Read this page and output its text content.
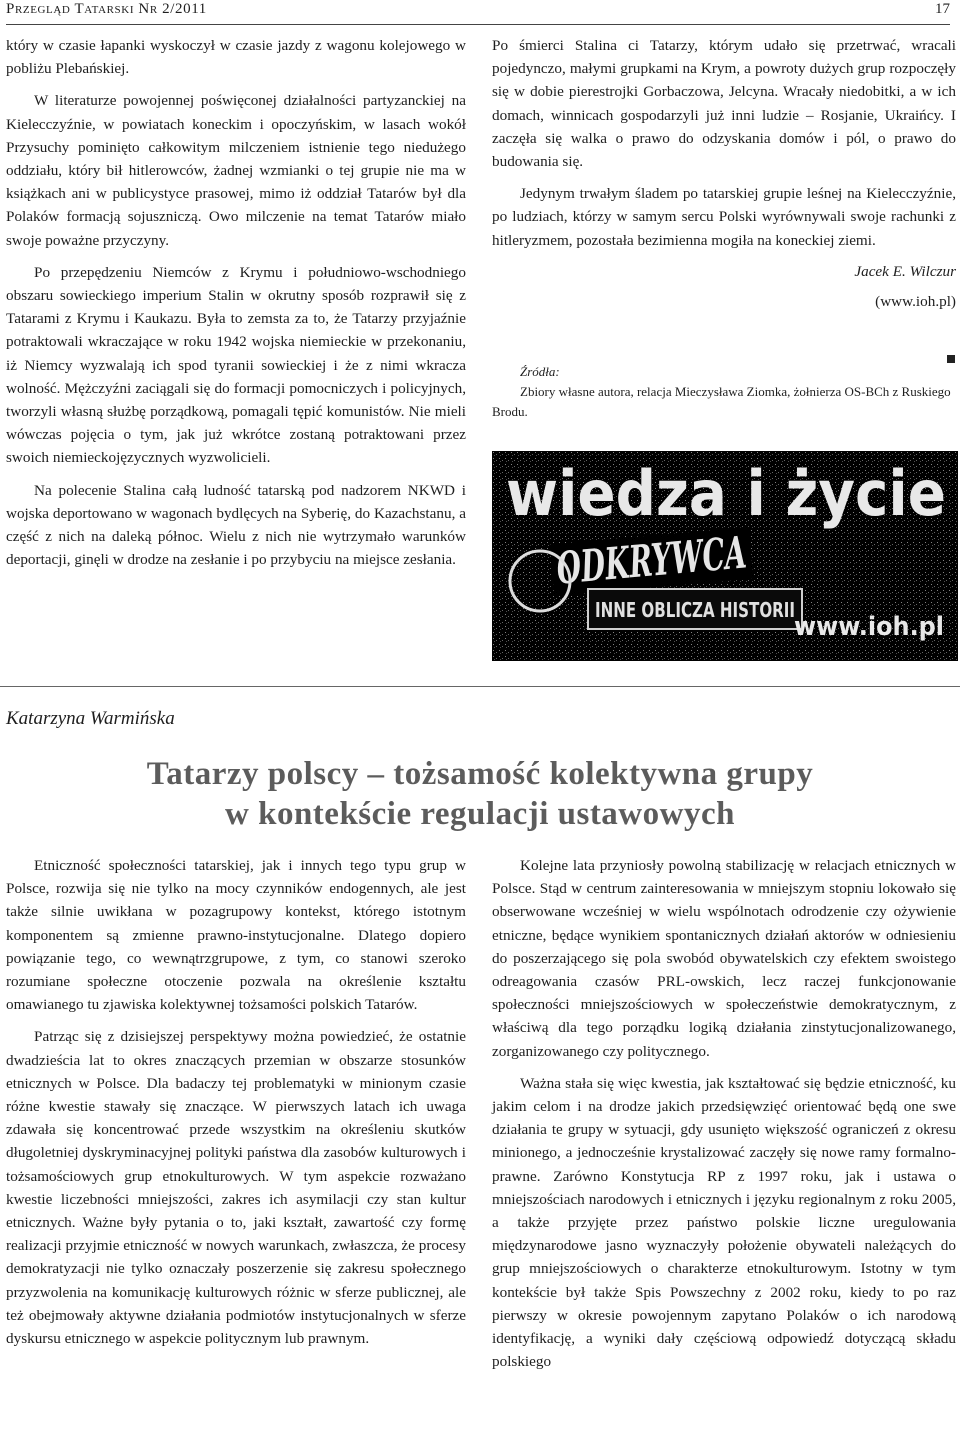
Przegląd Tatarski Nr 2/2011	17

który w czasie łapanki wyskoczył w czasie jazdy z wagonu kolejowego w pobliżu Plebańskiej.

W literaturze powojennej poświęconej działalności partyzanckiej na Kielecczyźnie, w powiatach koneckim i opoczyńskim, w lasach wokół Przysuchy pominięto całkowitym milczeniem istnienie tego niedużego oddziału, który bił hitlerowców, żadnej wzmianki o tej grupie nie ma w książkach ani w publicystyce prasowej, mimo iż oddział Tatarów był dla Polaków formacją sojuszniczą. Owo milczenie na temat Tatarów miało swoje poważne przyczyny.

Po przepędzeniu Niemców z Krymu i południowo-wschodniego obszaru sowieckiego imperium Stalin w okrutny sposób rozprawił się z Tatarami z Krymu i Kaukazu. Była to zemsta za to, że Tatarzy przyjaźnie potraktowali wkraczające w roku 1942 wojska niemieckie w przekonaniu, iż Niemcy wyzwalają ich spod tyranii sowieckiej i że z nimi wkracza wolność. Mężczyźni zaciągali się do formacji pomocniczych i policyjnych, tworzyli własną służbę porządkową, pomagali tępić komunistów. Nie mieli wówczas pojęcia o tym, jak już wkrótce zostaną potraktowani przez swoich niemieckojęzycznych wyzwolicieli.

Na polecenie Stalina całą ludność tatarską pod nadzorem NKWD i wojska deportowano w wagonach bydlęcych na Syberię, do Kazachstanu, a część z nich na daleką północ. Wielu z nich nie wytrzymało warunków deportacji, ginęli w drodze na zesłanie i po przybyciu na miejsce zesłania.

Po śmierci Stalina ci Tatarzy, którym udało się przetrwać, wracali pojedynczo, małymi grupkami na Krym, a powroty dużych grup rozpoczęły się w dobie pierestrojki Gorbaczowa, Jelcyna. Wracały niedobitki, a w ich domach, winnicach gospodarzyli już inni ludzie – Rosjanie, Ukraińcy. I zaczęła się walka o prawo do odzyskania domów i pól, o prawo do budowania się.

Jedynym trwałym śladem po tatarskiej grupie leśnej na Kielecczyźnie, po ludziach, którzy w samym sercu Polski wyrównywali swoje rachunki z hitleryzmem, pozostała bezimienna mogiła na koneckiej ziemi.

Jacek E. Wilczur

(www.ioh.pl)

Źródła:

Zbiory własne autora, relacja Mieczysława Ziomka, żołnierza OS-BCh z Ruskiego Brodu.

wiedza i życie
ODKRYWCA
INNE OBLICZA HISTORII
www.ioh.pl
Katarzyna Warmińska
Tatarzy polscy – tożsamość kolektywna grupy
w kontekście regulacji ustawowych

Etniczność społeczności tatarskiej, jak i innych tego typu grup w Polsce, rozwija się nie tylko na mocy czynników endogennych, ale jest także silnie uwikłana w pozagrupowy kontekst, którego istotnym komponentem są zmienne prawno-instytucjonalne. Dlatego dopiero powiązanie tego, co wewnątrzgrupowe, z tym, co stanowi szeroko rozumiane społeczne otoczenie pozwala na określenie kształtu omawianego tu zjawiska kolektywnej tożsamości polskich Tatarów.

Patrząc się z dzisiejszej perspektywy można powiedzieć, że ostatnie dwadzieścia lat to okres znaczących przemian w obszarze stosunków etnicznych w Polsce. Dla badaczy tej problematyki w minionym czasie różne kwestie stawały się znaczące. W pierwszych latach ich uwaga zdawała się koncentrować przede wszystkim na określeniu skutków długoletniej dyskryminacyjnej polityki państwa dla zasobów kulturowych i tożsamościowych grup etnokulturowych. W tym aspekcie rozważano kwestie liczebności mniejszości, zakres ich asymilacji czy stan kultur etnicznych. Ważne były pytania o to, jaki kształt, zawartość czy formę realizacji przyjmie etniczność w nowych warunkach, zwłaszcza, że procesy demokratyzacji nie tylko oznaczały poszerzenie się zakresu społecznego przyzwolenia na komunikację kulturowych różnic w sferze publicznej, ale też obejmowały aktywne działania podmiotów instytucjonalnych w sferze dyskursu etnicznego w aspekcie politycznym lub prawnym.

Kolejne lata przyniosły powolną stabilizację w relacjach etnicznych w Polsce. Stąd w centrum zainteresowania w mniejszym stopniu lokowało się obserwowane wcześniej w wielu wspólnotach odrodzenie czy ożywienie etniczne, będące wynikiem spontanicznych działań aktorów w odniesieniu do poszerzającego się pola swobód obywatelskich czy efektem swoistego odreagowania czasów PRL-owskich, lecz raczej funkcjonowanie społeczności mniejszościowych w społeczeństwie demokratycznym, z właściwą dla tego porządku logiką działania zinstytucjonalizowanego, zorganizowanego czy politycznego.

Ważna stała się więc kwestia, jak kształtować się będzie etniczność, ku jakim celom i na drodze jakich przedsięwzięć orientować będą one swe działania te grupy w sytuacji, gdy usunięto większość ograniczeń z okresu minionego, a jednocześnie krystalizować zaczęły się nowe ramy formalno-prawne. Zarówno Konstytucja RP z 1997 roku, jak i ustawa o mniejszościach narodowych i etnicznych i języku regionalnym z roku 2005, a także przyjęte przez państwo polskie liczne uregulowania międzynarodowe jasno wyznaczyły położenie obywateli należących do grup mniejszościowych o charakterze etnokulturowym. Istotny w tym kontekście był także Spis Powszechny z 2002 roku, kiedy to po raz pierwszy w okresie powojennym zapytano Polaków o ich narodową identyfikację, a wyniki dały częściową odpowiedź dotyczącą składu polskiego
